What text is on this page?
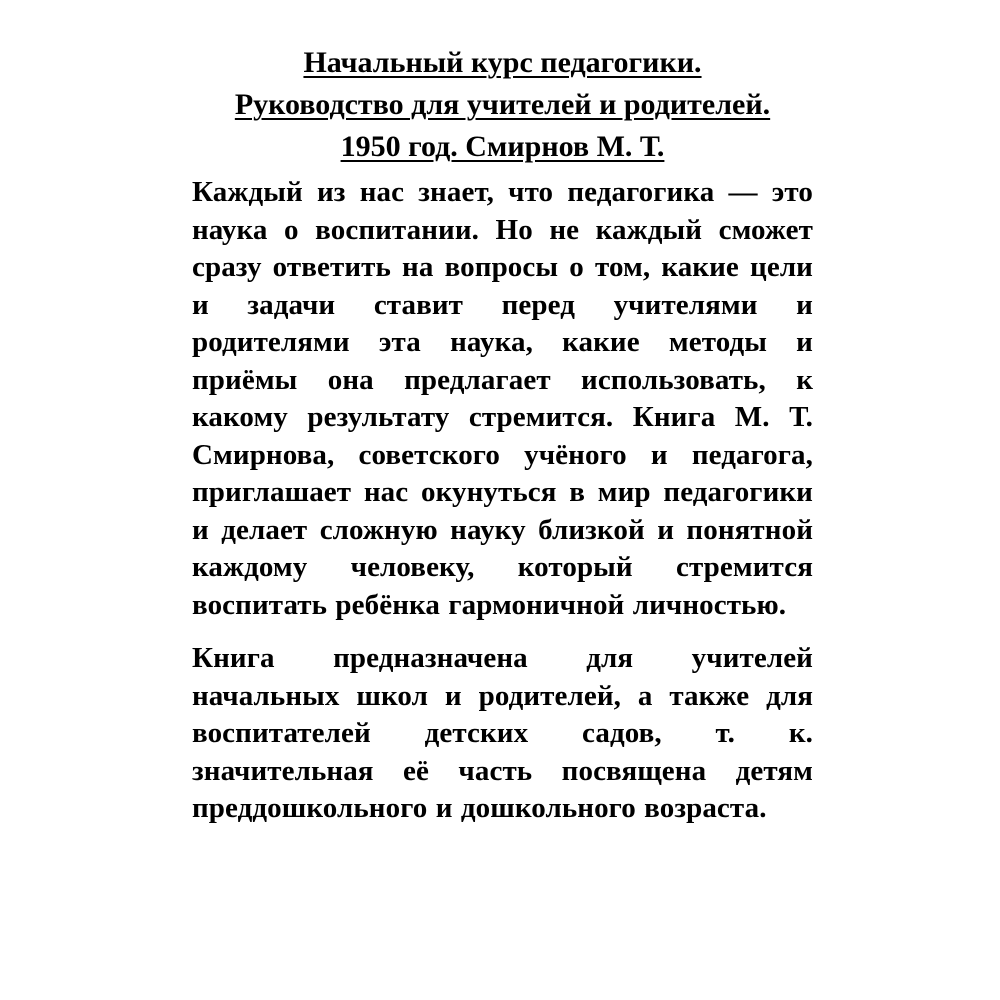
Начальный курс педагогики.
Руководство для учителей и родителей.
1950 год. Смирнов М. Т.

Каждый из нас знает, что педагогика — это наука о воспитании. Но не каждый сможет сразу ответить на вопросы о том, какие цели и задачи ставит перед учителями и родителями эта наука, какие методы и приёмы она предлагает использовать, к какому результату стремится. Книга М. Т. Смирнова, советского учёного и педагога, приглашает нас окунуться в мир педагогики и делает сложную науку близкой и понятной каждому человеку, который стремится воспитать ребёнка гармоничной личностью.

Книга предназначена для учителей начальных школ и родителей, а также для воспитателей детских садов, т. к. значительная её часть посвящена детям преддошкольного и дошкольного возраста.
